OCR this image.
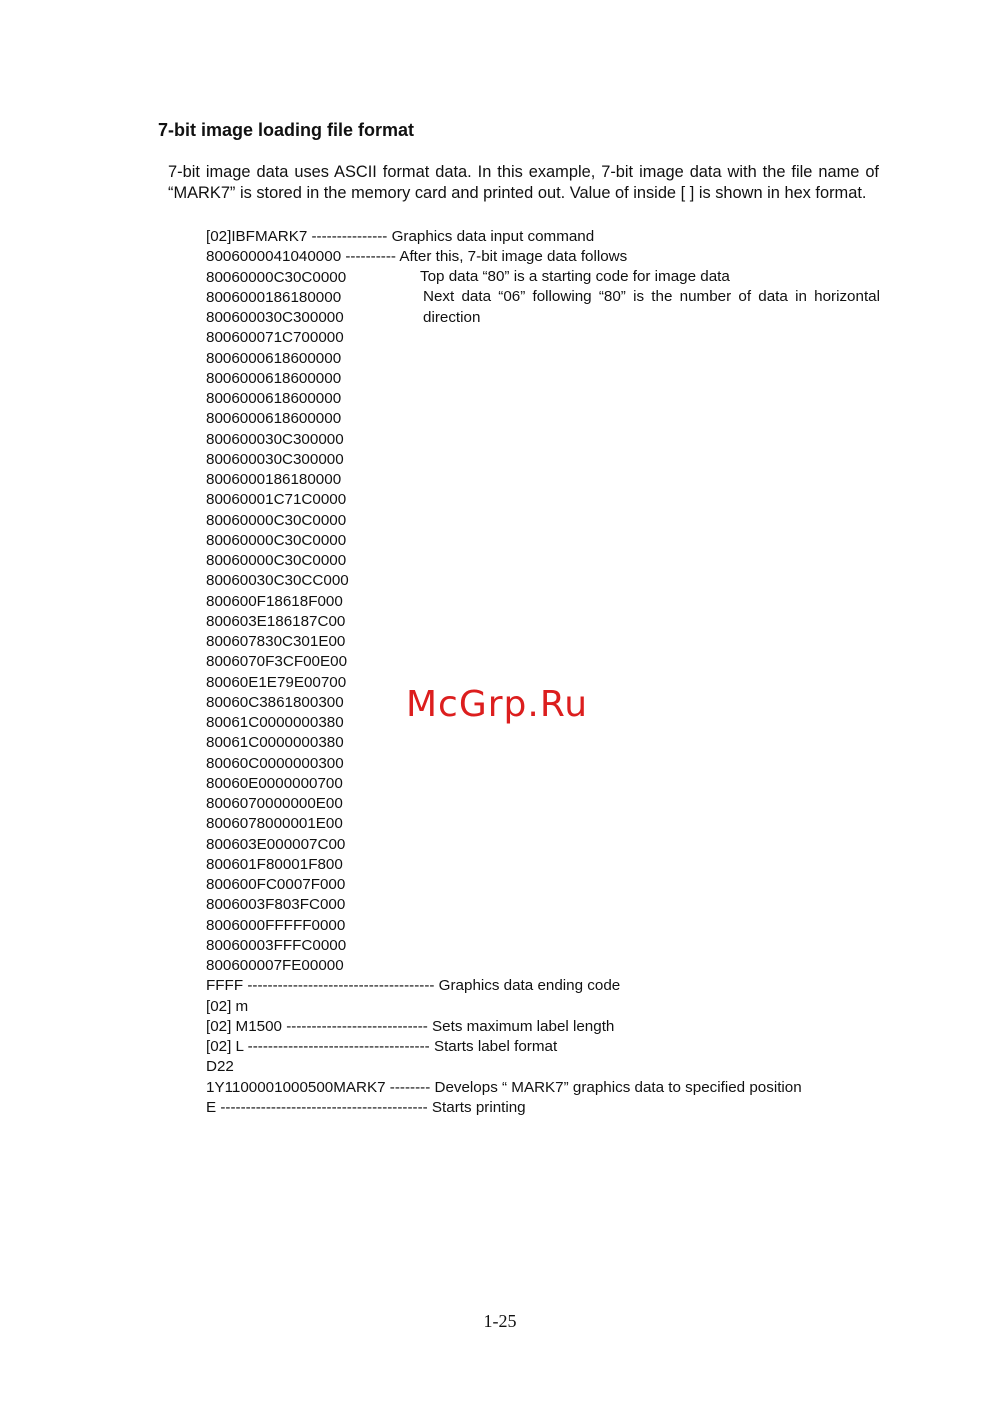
7-bit image loading file format

7-bit image data uses ASCII format data. In this example, 7-bit image data with the file name of “MARK7” is stored in the memory card and printed out. Value of inside [ ] is shown in hex format.

[02]IBFMARK7 --------------- Graphics data input command
8006000041040000 ---------- After this, 7-bit image data follows
80060000C30C0000
8006000186180000
800600030C300000
800600071C700000
8006000618600000
8006000618600000
8006000618600000
8006000618600000
800600030C300000
800600030C300000
8006000186180000
80060001C71C0000
80060000C30C0000
80060000C30C0000
80060000C30C0000
80060030C30CC000
800600F18618F000
800603E186187C00
800607830C301E00
8006070F3CF00E00
80060E1E79E00700
80060C3861800300
80061C0000000380
80061C0000000380
80060C0000000300
80060E0000000700
8006070000000E00
8006078000001E00
800603E000007C00
800601F80001F800
800600FC0007F000
8006003F803FC000
8006000FFFFF0000
80060003FFFC0000
800600007FE00000
FFFF ------------------------------------- Graphics data ending code
[02] m
[02] M1500 ---------------------------- Sets maximum label length
[02] L ------------------------------------ Starts label format
D22
1Y1100001000500MARK7 -------- Develops “ MARK7” graphics data to specified position
E ----------------------------------------- Starts printing

Top data “80” is a starting code for image data

Next data “06” following “80” is the number of data in horizontal direction

McGrp.Ru
1-25
